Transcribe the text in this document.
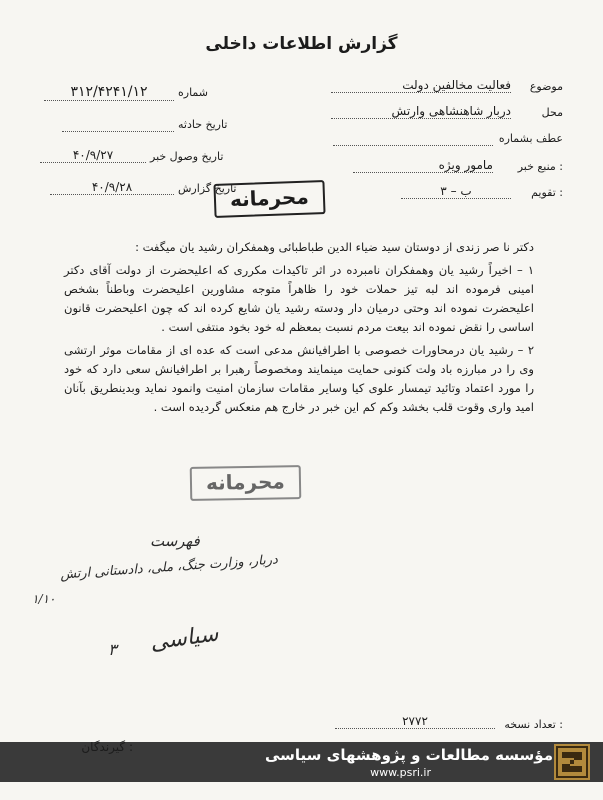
گزارش اطلاعات داخلی
موضوع
فعالیت مخالفین دولت
محل
دربار شاهنشاهی وارتش
عطف بشماره
منبع خبر :
مامور ویژه
تقویم :
ب – ۳
شماره
۳۱۲/۴۲۴۱/۱۲
تاریخ حادثه
تاریخ وصول خبر
۴۰/۹/۲۷
تاریخ گزارش
۴۰/۹/۲۸	محرمانه

دکتر نا صر زندی از دوستان سید ضیاء الدین طباطبائی وهمفکران رشید یان میگفت :

۱ – اخیراً رشید یان وهمفکران نامبرده در اثر تاکیدات مکرری که اعلیحضرت از دولت آقای دکتر امینی فرموده اند لبه تیز حملات خود را ظاهراً متوجه مشاورین اعلیحضرت وباطناً بشخص اعلیحضرت نموده اند وحتی درمیان دار ودسته رشید یان شایع کرده اند که چون اعلیحضرت قانون اساسی را نقض نموده اند بیعت مردم نسبت بمعظم له خود بخود منتفی است .

۲ – رشید یان درمحاورات خصوصی با اطرافیانش مدعی است که عده ای از مقامات موثر ارتشی وی را در مبارزه باد ولت کنونی حمایت مینمایند ومخصوصاً رهبرا بر اطرافیانش سعی دارد که خود را مورد اعتماد وتائید تیمسار علوی کیا وسایر مقامات سازمان امنیت وانمود نماید وبدینطریق بآنان امید واری وقوت قلب بخشد وکم کم این خبر در خارج هم منعکس گردیده است .

محرمانه
فهرست
دربار، وزارت جنگ، ملی، دادستانی ارتش
۱/۱۰
۳ سیاسی
تعداد نسخه :
۲۷۷۲
مؤسسه مطالعات و پژوهشهای سیاسی
www.psri.ir
گیرندگان :
